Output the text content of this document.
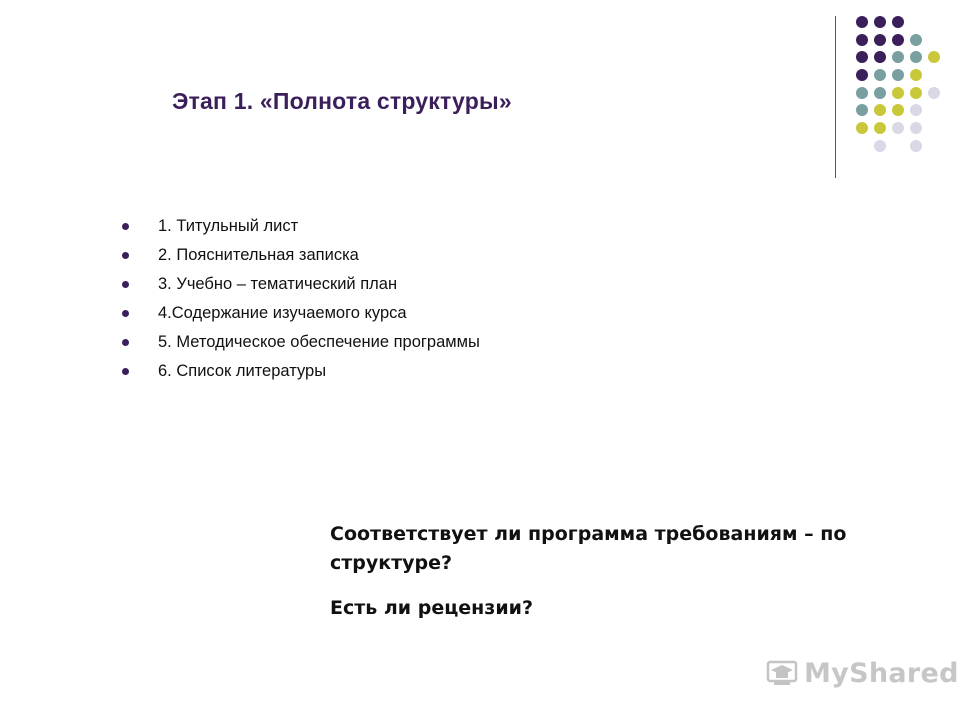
Этап 1. «Полнота структуры»
1. Титульный лист
2. Пояснительная записка
3. Учебно – тематический план
4.Содержание изучаемого курса
5. Методическое обеспечение программы
6. Список литературы
Соответствует ли программа требованиям – по структуре?
Есть ли рецензии?
MyShared
